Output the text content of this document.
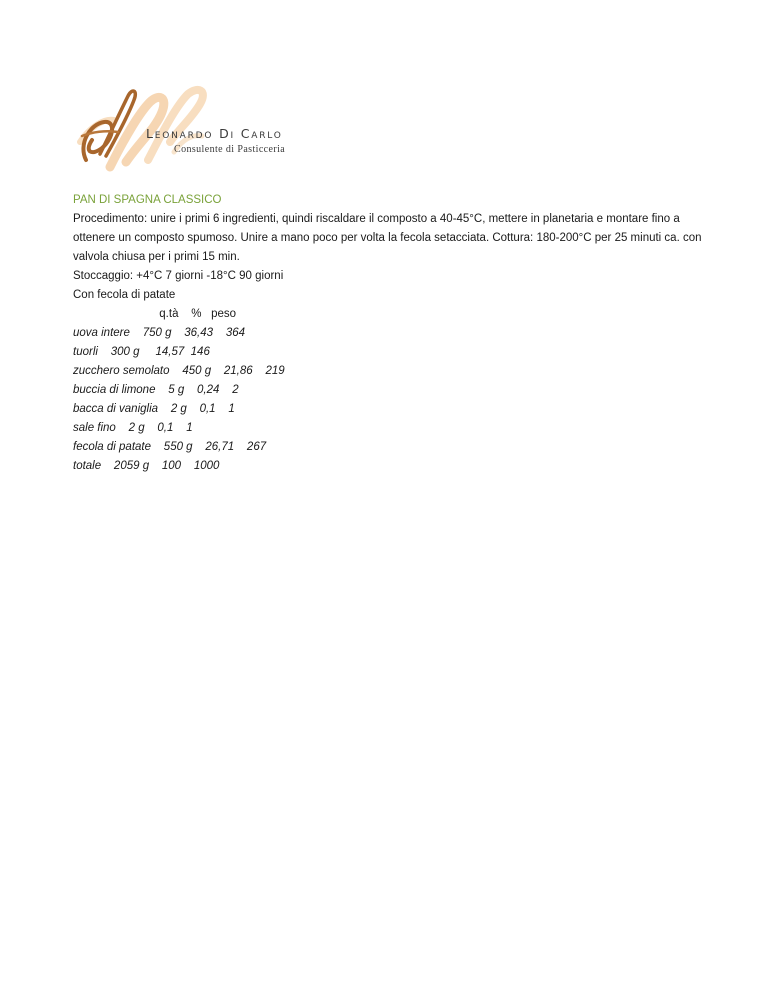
Leonardo Di Carlo
Consulente di Pasticceria
PAN DI SPAGNA CLASSICO
Procedimento: unire i primi 6 ingredienti, quindi riscaldare il composto a 40-45°C, mettere in planetaria e montare fino a ottenere un composto spumoso. Unire a mano poco per volta la fecola setacciata. Cottura: 180-200°C per 25 minuti ca. con valvola chiusa per i primi 15 min.
Stoccaggio: +4°C 7 giorni -18°C 90 giorni
Con fecola di patate
q.tà % peso
uova intere 750 g 36,43 364
tuorli 300 g 14,57 146
zucchero semolato 450 g 21,86 219
buccia di limone 5 g 0,24 2
bacca di vaniglia 2 g 0,1 1
sale fino 2 g 0,1 1
fecola di patate 550 g 26,71 267
totale 2059 g 100 1000
